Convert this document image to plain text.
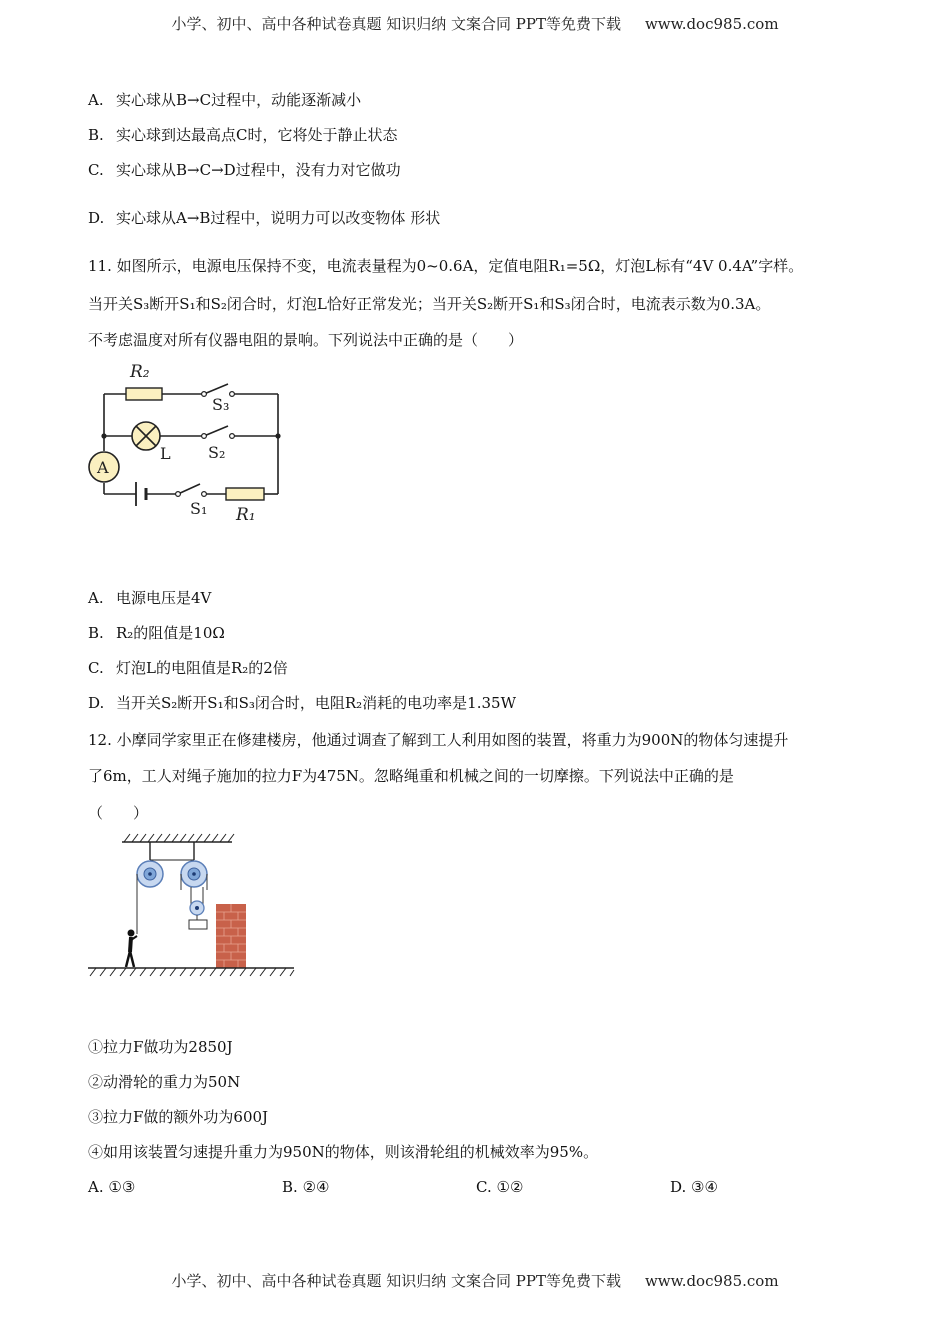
小学、初中、高中各种试卷真题 知识归纳 文案合同 PPT等免费下载 www.doc985.com
A. 实心球从B→C过程中，动能逐渐减小
B. 实心球到达最高点C时，它将处于静止状态
C. 实心球从B→C→D过程中，没有力对它做功
D. 实心球从A→B过程中，说明力可以改变物体 形状
11. 如图所示，电源电压保持不变，电流表量程为0~0.6A，定值电阻R₁=5Ω，灯泡L标有“4V 0.4A”字样。
当开关S₃断开S₁和S₂闭合时，灯泡L恰好正常发光；当开关S₂断开S₁和S₃闭合时，电流表示数为0.3A。
不考虑温度对所有仪器电阻的景响。下列说法中正确的是（　　）
R₂
S₃
L S₂
A
S₁ R₁
A. 电源电压是4V
B. R₂的阻值是10Ω
C. 灯泡L的电阻值是R₂的2倍
D. 当开关S₂断开S₁和S₃闭合时，电阻R₂消耗的电功率是1.35W
12. 小摩同学家里正在修建楼房，他通过调查了解到工人利用如图的装置，将重力为900N的物体匀速提升
了6m，工人对绳子施加的拉力F为475N。忽略绳重和机械之间的一切摩擦。下列说法中正确的是
（　　）
①拉力F做功为2850J
②动滑轮的重力为50N
③拉力F做的额外功为600J
④如用该装置匀速提升重力为950N的物体，则该滑轮组的机械效率为95%。
A. ①③	B. ②④	C. ①②	D. ③④
小学、初中、高中各种试卷真题 知识归纳 文案合同 PPT等免费下载 www.doc985.com
